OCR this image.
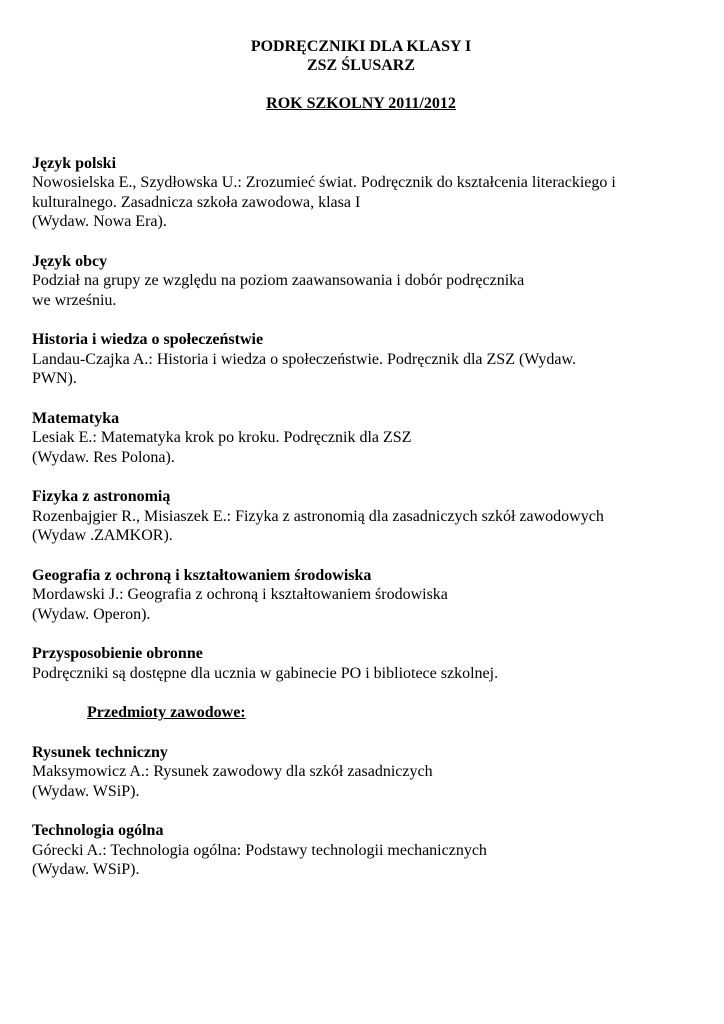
PODRĘCZNIKI DLA KLASY I
ZSZ ŚLUSARZ
ROK SZKOLNY 2011/2012
Język polski
Nowosielska E., Szydłowska U.: Zrozumieć świat. Podręcznik do kształcenia literackiego i
kulturalnego. Zasadnicza szkoła zawodowa, klasa I
(Wydaw. Nowa Era).
Język obcy
Podział na grupy ze względu na poziom zaawansowania i dobór podręcznika
we wrześniu.
Historia i wiedza o społeczeństwie
Landau-Czajka A.: Historia i wiedza o społeczeństwie. Podręcznik dla ZSZ (Wydaw.
PWN).
Matematyka
Lesiak E.: Matematyka krok po kroku. Podręcznik dla ZSZ
(Wydaw. Res Polona).
Fizyka z astronomią
Rozenbajgier R., Misiaszek E.: Fizyka z astronomią dla zasadniczych szkół zawodowych
(Wydaw .ZAMKOR).
Geografia z ochroną i kształtowaniem środowiska
Mordawski J.: Geografia z ochroną i kształtowaniem środowiska
(Wydaw. Operon).
Przysposobienie obronne
Podręczniki są dostępne dla ucznia w gabinecie PO i bibliotece szkolnej.
Przedmioty zawodowe:
Rysunek techniczny
Maksymowicz A.: Rysunek zawodowy dla szkół zasadniczych
(Wydaw. WSiP).
Technologia ogólna
Górecki A.: Technologia ogólna: Podstawy technologii mechanicznych
(Wydaw. WSiP).
